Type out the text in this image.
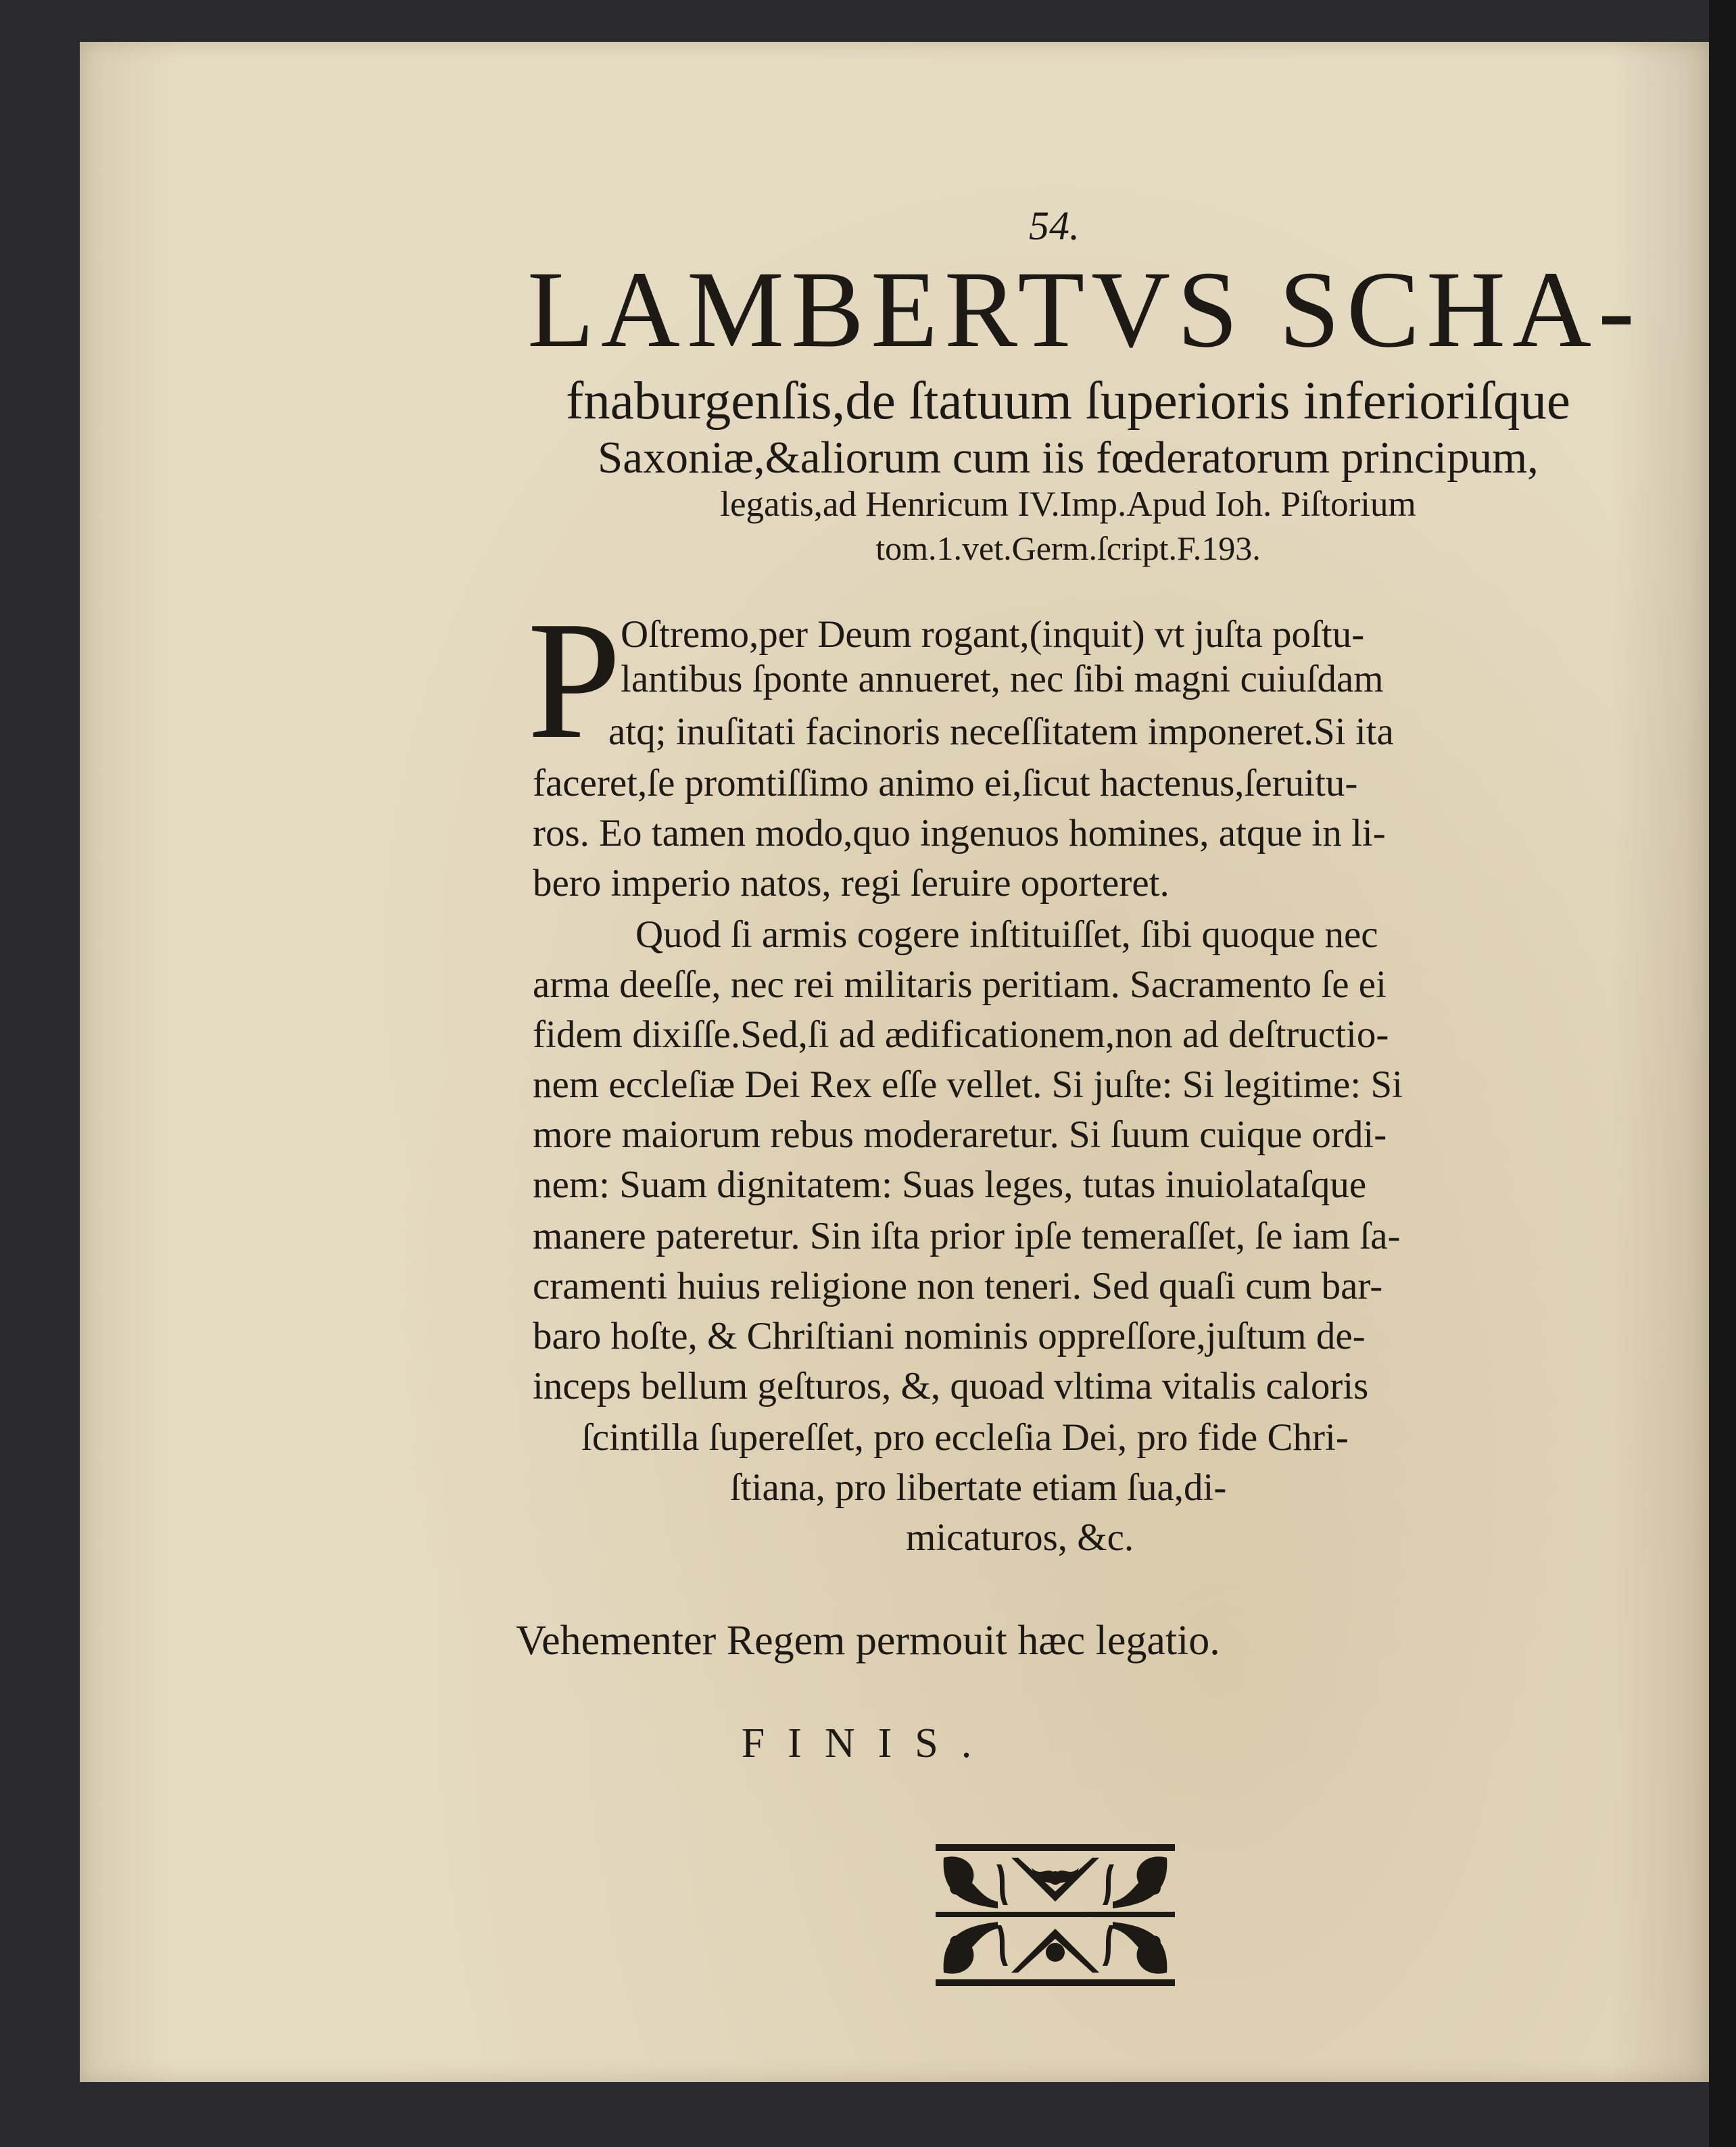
54.
LAMBERTVS SCHA-
fnaburgenſis,de ſtatuum ſuperioris inferioriſque
Saxoniæ,&aliorum cum iis fœderatorum principum,
legatis,ad Henricum IV.Imp.Apud Ioh. Piſtorium
tom.1.vet.Germ.ſcript.F.193.
P
Oſtremo,per Deum rogant,(inquit) vt juſta poſtu-
lantibus ſponte annueret, nec ſibi magni cuiuſdam
atq; inuſitati facinoris neceſſitatem imponeret.Si ita
faceret,ſe promtiſſimo animo ei,ſicut hactenus,ſeruitu-
ros. Eo tamen modo,quo ingenuos homines, atque in li-
bero imperio natos, regi ſeruire oporteret.
Quod ſi armis cogere inſtituiſſet, ſibi quoque nec
arma deeſſe, nec rei militaris peritiam. Sacramento ſe ei
fidem dixiſſe.Sed,ſi ad ædificationem,non ad deſtructio-
nem eccleſiæ Dei Rex eſſe vellet. Si juſte: Si legitime: Si
more maiorum rebus moderaretur. Si ſuum cuique ordi-
nem: Suam dignitatem: Suas leges, tutas inuiolataſque
manere pateretur. Sin iſta prior ipſe temeraſſet, ſe iam ſa-
cramenti huius religione non teneri. Sed quaſi cum bar-
baro hoſte, & Chriſtiani nominis oppreſſore,juſtum de-
inceps bellum geſturos, &, quoad vltima vitalis caloris
ſcintilla ſupereſſet, pro eccleſia Dei, pro fide Chri-
ſtiana, pro libertate etiam ſua,di-
micaturos, &c.
Vehementer Regem permouit hæc legatio.
FINIS.
